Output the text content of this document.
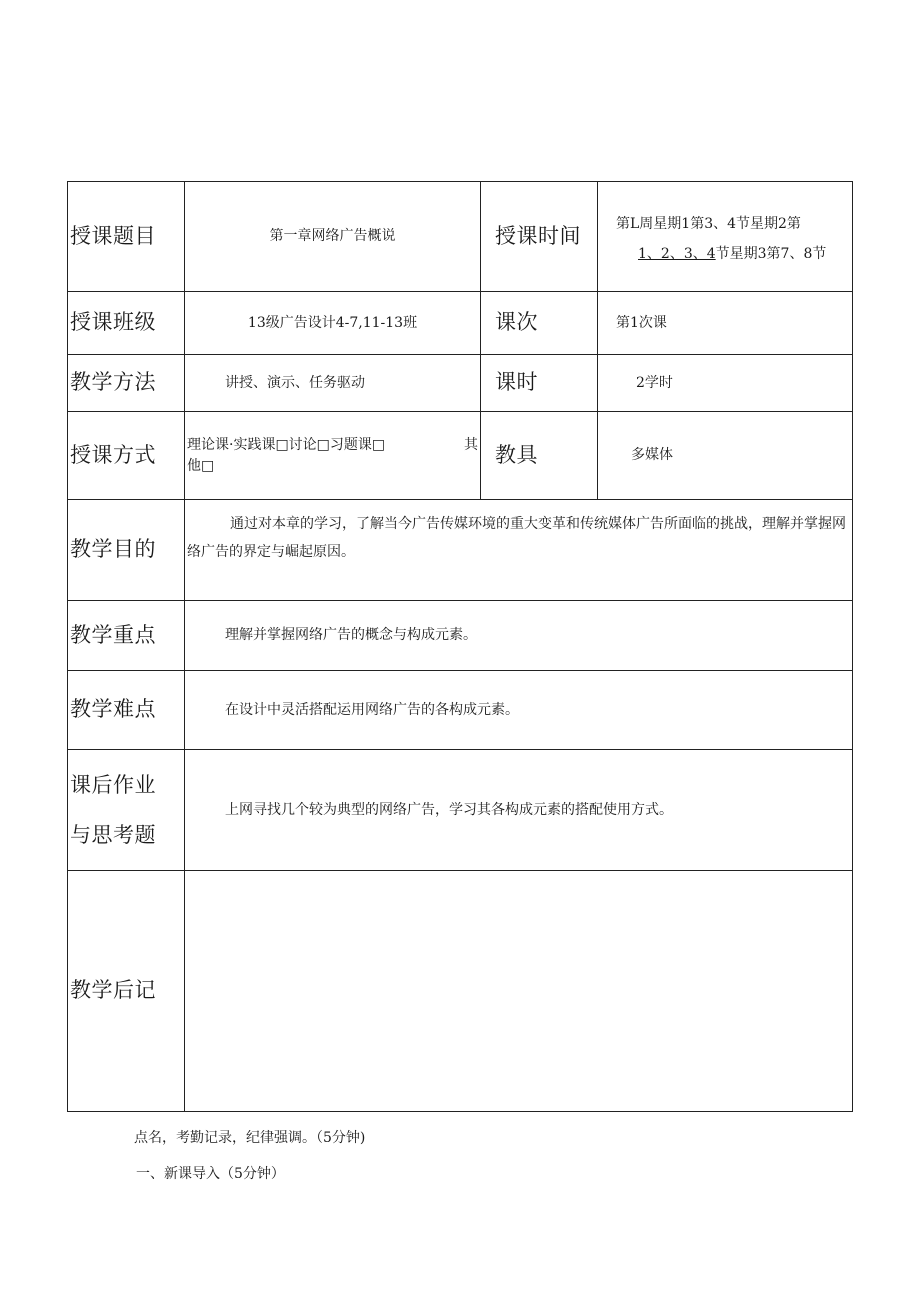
授课题目	第一章网络广告概说	授课时间	第L周星期1第3、4节星期2第
1、2、3、4节星期3第7、8节

授课班级	13级广告设计4-7,11-13班	课次	第1次课
教学方法	讲授、演示、任务驱动	课时	2学时
授课方式	理论课·实践课□讨论□习题课□ 其
他□	教具	多媒体
教学目的	通过对本章的学习，了解当今广告传媒环境的重大变革和传统媒体广告所面临的挑战，理解并掌握网络广告的界定与崛起原因。		
教学重点	理解并掌握网络广告的概念与构成元素。		
教学难点	在设计中灵活搭配运用网络广告的各构成元素。		

课后作业
与思考题	上网寻找几个较为典型的网络广告，学习其各构成元素的搭配使用方式。		
教学后记			
点名，考勤记录，纪律强调。（5分钟)
一、新课导入（5分钟）
